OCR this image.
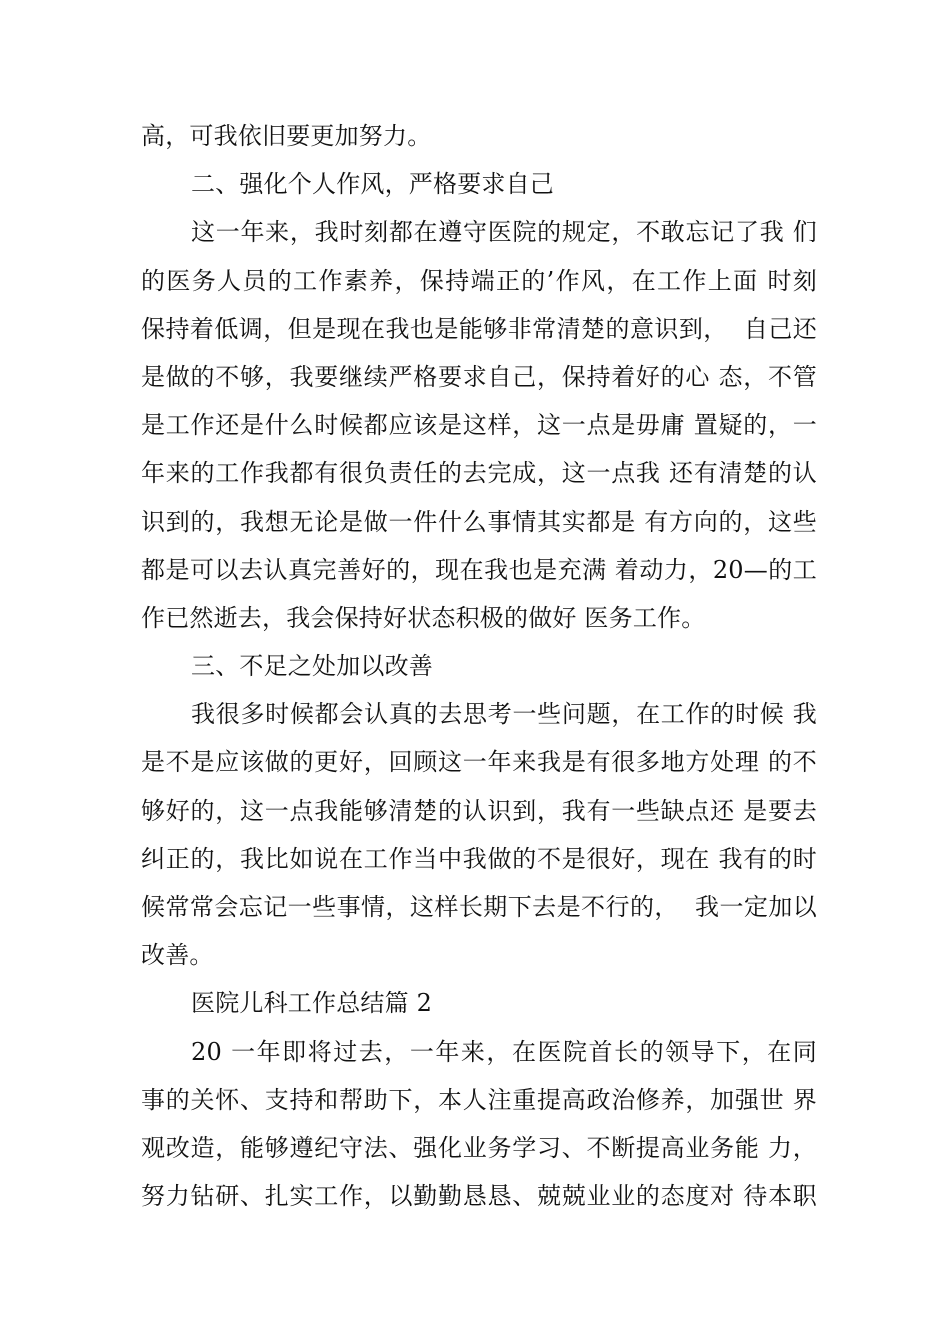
高，可我依旧要更加努力。
二、强化个人作风，严格要求自己
这一年来，我时刻都在遵守医院的规定，不敢忘记了我 们
的医务人员的工作素养，保持端正的’作风，在工作上面 时刻
保持着低调，但是现在我也是能够非常清楚的意识到，  自己还
是做的不够，我要继续严格要求自己，保持着好的心 态，不管
是工作还是什么时候都应该是这样，这一点是毋庸 置疑的，一
年来的工作我都有很负责任的去完成，这一点我 还有清楚的认
识到的，我想无论是做一件什么事情其实都是 有方向的，这些
都是可以去认真完善好的，现在我也是充满 着动力，20—的工
作已然逝去，我会保持好状态积极的做好 医务工作。
三、不足之处加以改善
我很多时候都会认真的去思考一些问题，在工作的时候 我
是不是应该做的更好，回顾这一年来我是有很多地方处理 的不
够好的，这一点我能够清楚的认识到，我有一些缺点还 是要去
纠正的，我比如说在工作当中我做的不是很好，现在 我有的时
候常常会忘记一些事情，这样长期下去是不行的，  我一定加以
改善。
医院儿科工作总结篇 2
20 一年即将过去，一年来，在医院首长的领导下，在同
事的关怀、支持和帮助下，本人注重提高政治修养，加强世 界
观改造，能够遵纪守法、强化业务学习、不断提高业务能 力，
努力钻研、扎实工作，以勤勤恳恳、兢兢业业的态度对 待本职
